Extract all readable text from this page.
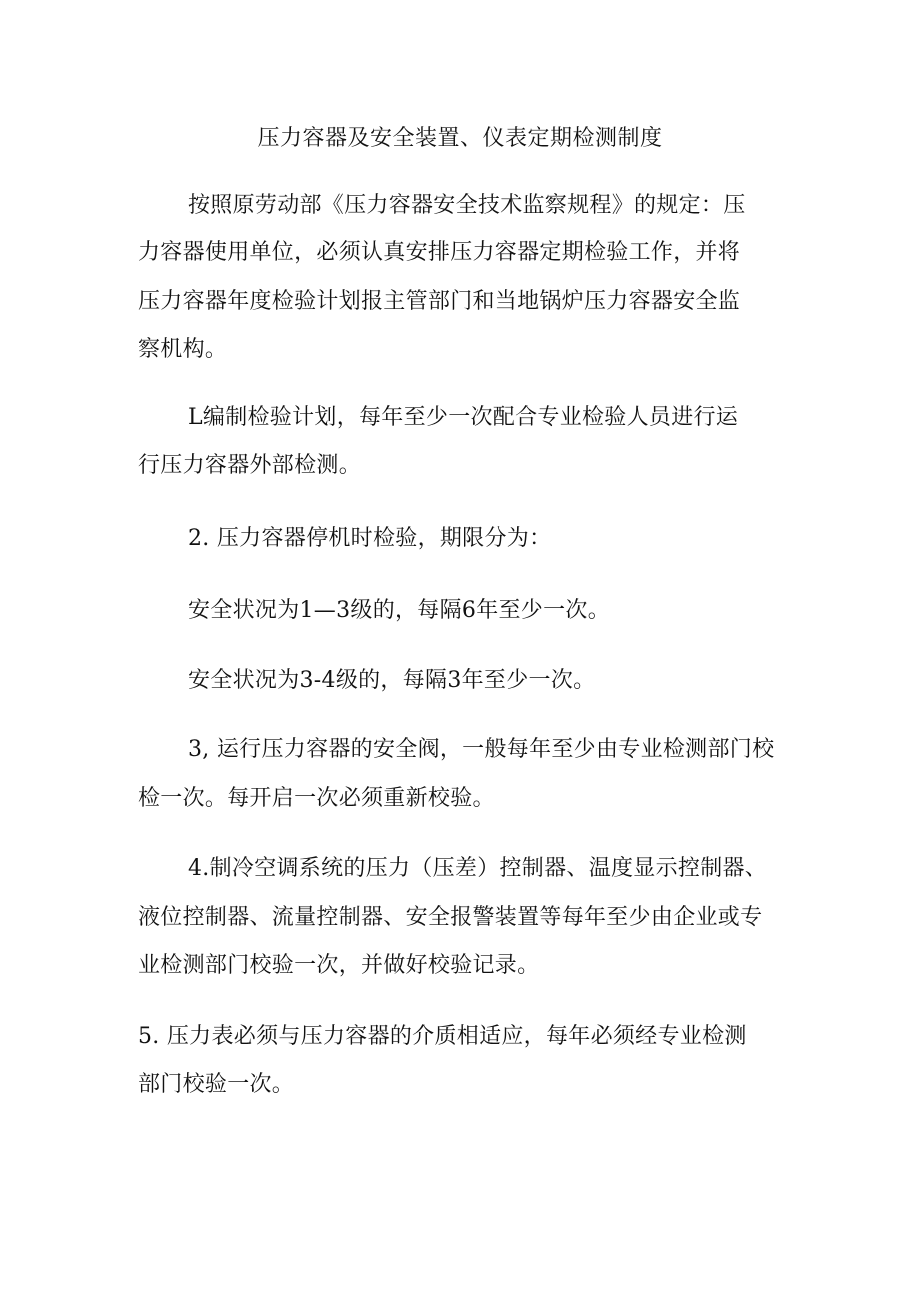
压力容器及安全装置、仪表定期检测制度

按照原劳动部《压力容器安全技术监察规程》的规定：压

力容器使用单位，必须认真安排压力容器定期检验工作，并将

压力容器年度检验计划报主管部门和当地锅炉压力容器安全监

察机构。

L编制检验计划，每年至少一次配合专业检验人员进行运

行压力容器外部检测。

2. 压力容器停机时检验，期限分为：

安全状况为1—3级的，每隔6年至少一次。

安全状况为3-4级的，每隔3年至少一次。

3, 运行压力容器的安全阀，一般每年至少由专业检测部门校

检一次。每开启一次必须重新校验。

4.制冷空调系统的压力（压差）控制器、温度显示控制器、

液位控制器、流量控制器、安全报警装置等每年至少由企业或专

业检测部门校验一次，并做好校验记录。

5. 压力表必须与压力容器的介质相适应，每年必须经专业检测

部门校验一次。
